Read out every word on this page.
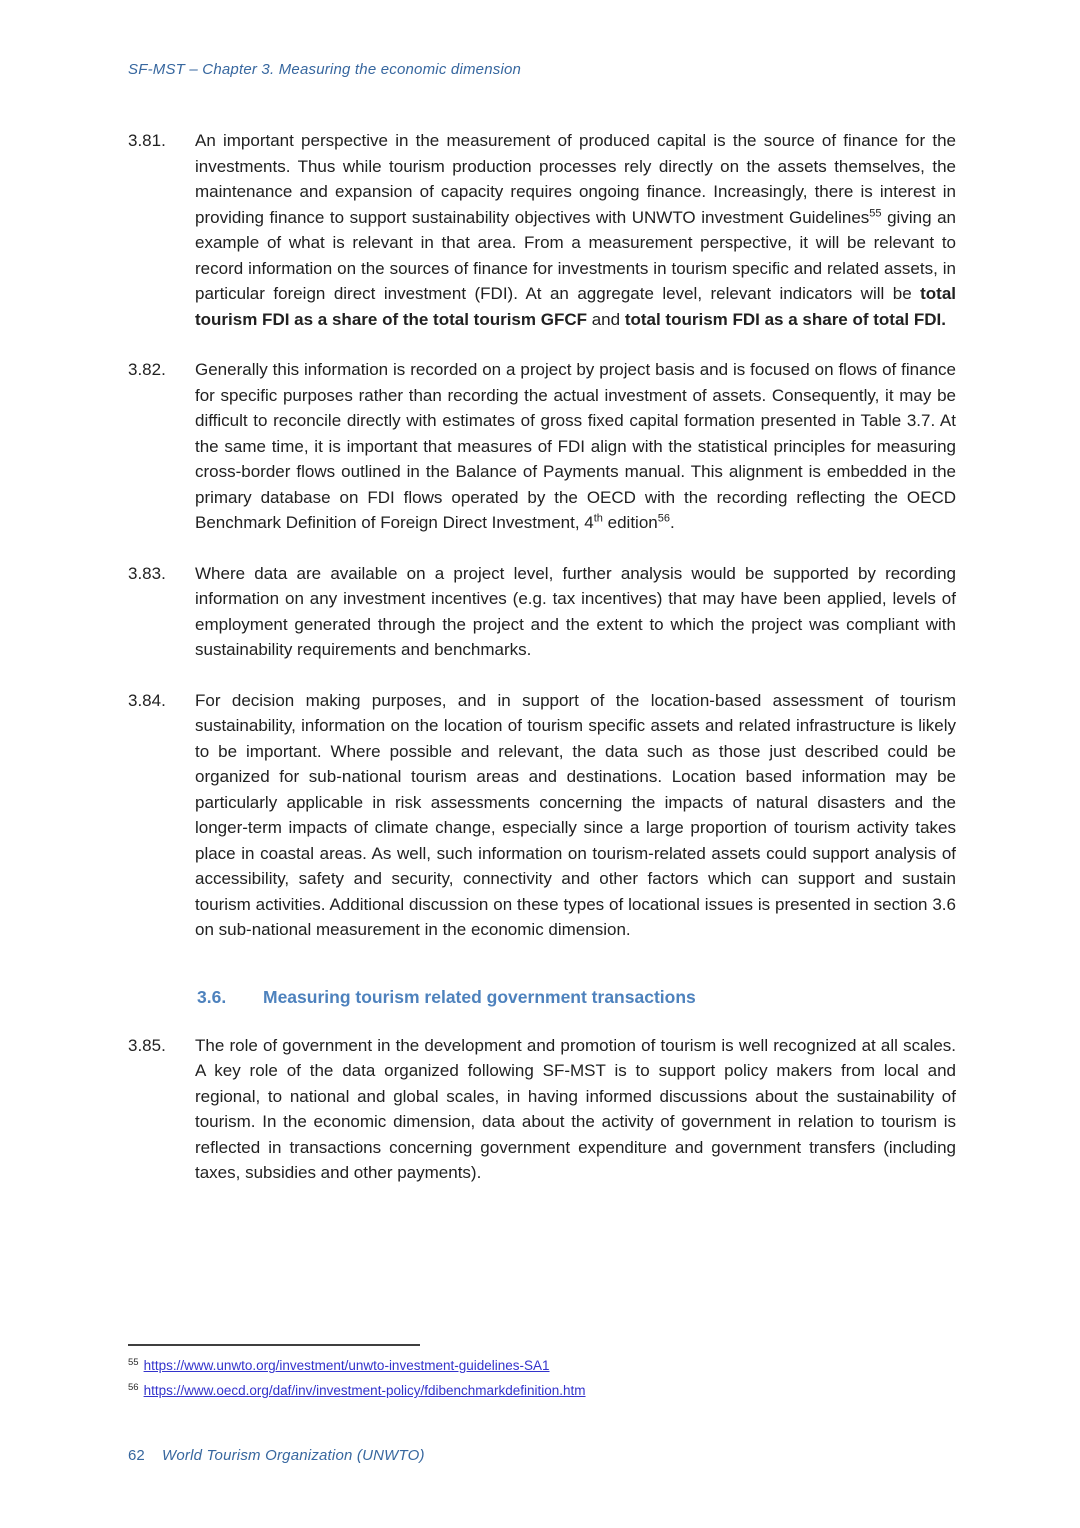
SF-MST – Chapter 3. Measuring the economic dimension
3.81.	An important perspective in the measurement of produced capital is the source of finance for the investments. Thus while tourism production processes rely directly on the assets themselves, the maintenance and expansion of capacity requires ongoing finance. Increasingly, there is interest in providing finance to support sustainability objectives with UNWTO investment Guidelines$^{55}$ giving an example of what is relevant in that area. From a measurement perspective, it will be relevant to record information on the sources of finance for investments in tourism specific and related assets, in particular foreign direct investment (FDI). At an aggregate level, relevant indicators will be total tourism FDI as a share of the total tourism GFCF and total tourism FDI as a share of total FDI.
3.82.	Generally this information is recorded on a project by project basis and is focused on flows of finance for specific purposes rather than recording the actual investment of assets. Consequently, it may be difficult to reconcile directly with estimates of gross fixed capital formation presented in Table 3.7. At the same time, it is important that measures of FDI align with the statistical principles for measuring cross-border flows outlined in the Balance of Payments manual. This alignment is embedded in the primary database on FDI flows operated by the OECD with the recording reflecting the OECD Benchmark Definition of Foreign Direct Investment, 4th edition$^{56}$.
3.83.	Where data are available on a project level, further analysis would be supported by recording information on any investment incentives (e.g. tax incentives) that may have been applied, levels of employment generated through the project and the extent to which the project was compliant with sustainability requirements and benchmarks.
3.84.	For decision making purposes, and in support of the location-based assessment of tourism sustainability, information on the location of tourism specific assets and related infrastructure is likely to be important. Where possible and relevant, the data such as those just described could be organized for sub-national tourism areas and destinations. Location based information may be particularly applicable in risk assessments concerning the impacts of natural disasters and the longer-term impacts of climate change, especially since a large proportion of tourism activity takes place in coastal areas. As well, such information on tourism-related assets could support analysis of accessibility, safety and security, connectivity and other factors which can support and sustain tourism activities. Additional discussion on these types of locational issues is presented in section 3.6 on sub-national measurement in the economic dimension.
3.6.	Measuring tourism related government transactions
3.85.	The role of government in the development and promotion of tourism is well recognized at all scales. A key role of the data organized following SF-MST is to support policy makers from local and regional, to national and global scales, in having informed discussions about the sustainability of tourism. In the economic dimension, data about the activity of government in relation to tourism is reflected in transactions concerning government expenditure and government transfers (including taxes, subsidies and other payments).
$^{55}$ https://www.unwto.org/investment/unwto-investment-guidelines-SA1
$^{56}$ https://www.oecd.org/daf/inv/investment-policy/fdibenchmarkdefinition.htm
62 World Tourism Organization (UNWTO)
